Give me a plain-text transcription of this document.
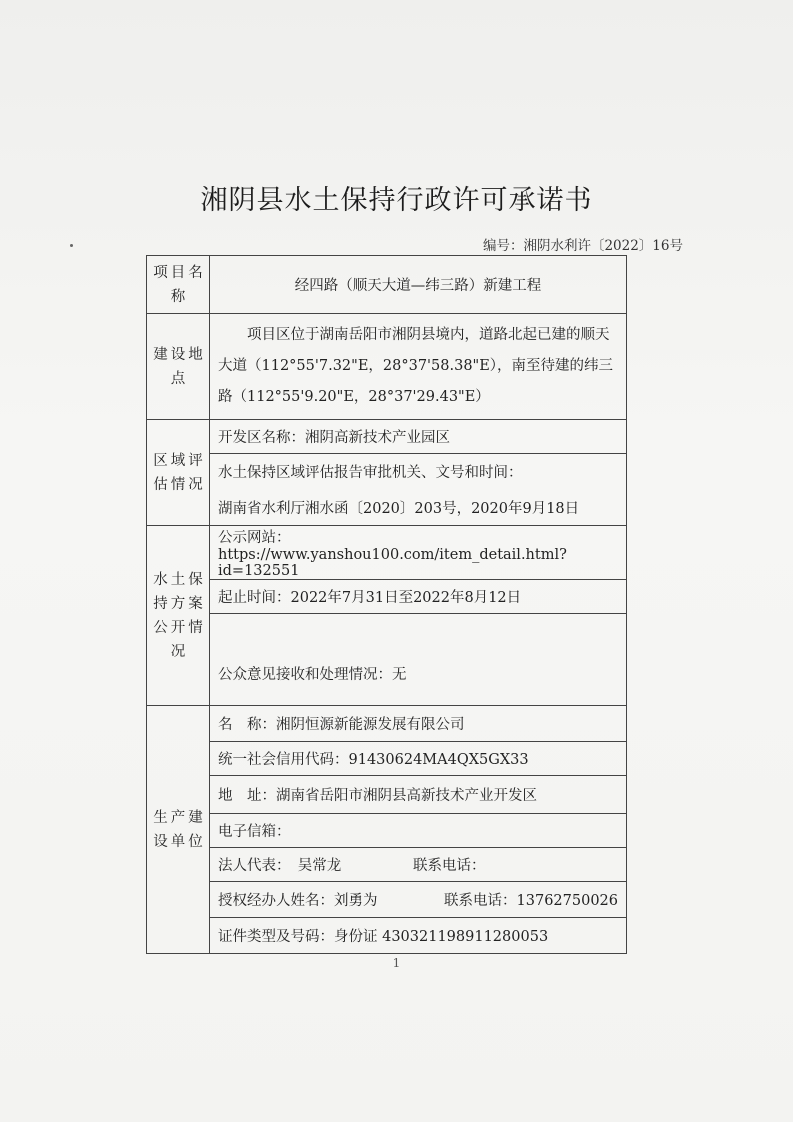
湘阴县水土保持行政许可承诺书
编号：湘阴水利许〔2022〕16号
项目名称	经四路（顺天大道—纬三路）新建工程
建设地点	项目区位于湖南岳阳市湘阴县境内，道路北起已建的顺天大道（112°55'7.32"E，28°37'58.38"E），南至待建的纬三路（112°55'9.20"E，28°37'29.43"E）

区域评估情况	开发区名称：湘阴高新技术产业园区
	水土保持区域评估报告审批机关、文号和时间：
	湖南省水利厅湘水函〔2020〕203号，2020年9月18日
水土保持方案公开情况	公示网站：https://www.yanshou100.com/item_detail.html?id=132551
	起止时间：2022年7月31日至2022年8月12日

	公众意见接收和处理情况：无
生产建设单位	名　称：湘阴恒源新能源发展有限公司
	统一社会信用代码：91430624MA4QX5GX33
	地　址：湖南省岳阳市湘阴县高新技术产业开发区
	电子信箱：

	法人代表：　吴常龙 联系电话：

	授权经办人姓名：刘勇为 联系电话：13762750026

	证件类型及号码：身份证 430321198911280053
1
